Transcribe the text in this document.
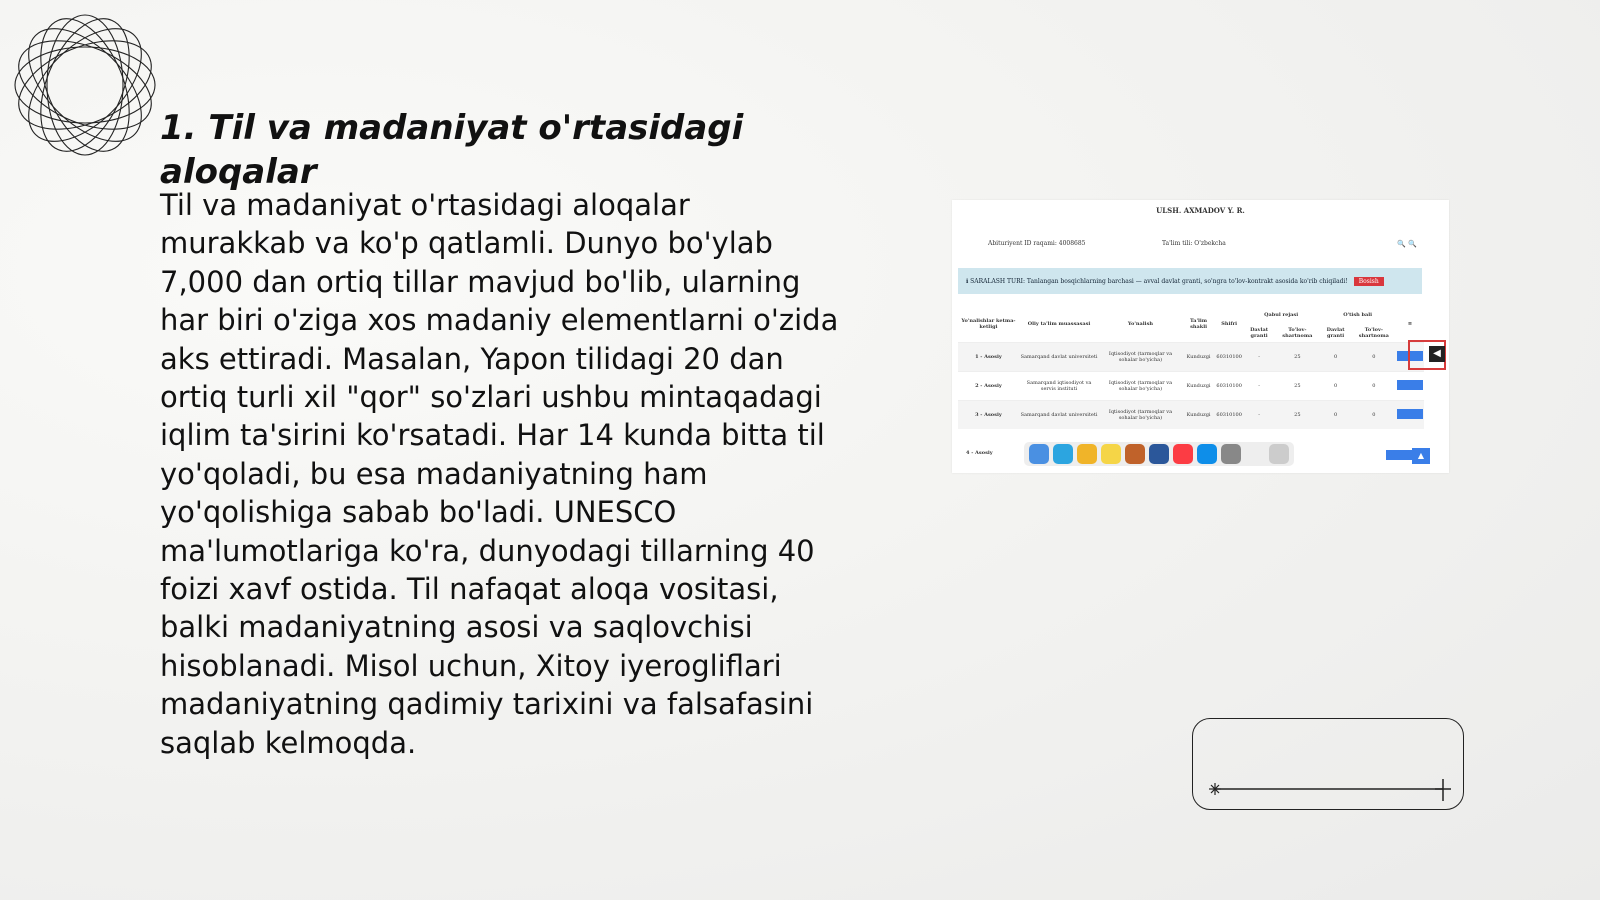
1. Til va madaniyat o'rtasidagi aloqalar

Til va madaniyat o'rtasidagi aloqalar murakkab va ko'p qatlamli. Dunyo bo'ylab 7,000 dan ortiq tillar mavjud bo'lib, ularning har biri o'ziga xos madaniy elementlarni o'zida aks ettiradi. Masalan, Yapon tilidagi 20 dan ortiq turli xil "qor" so'zlari ushbu mintaqadagi iqlim ta'sirini ko'rsatadi. Har 14 kunda bitta til yo'qoladi, bu esa madaniyatning ham yo'qolishiga sabab bo'ladi. UNESCO ma'lumotlariga ko'ra, dunyodagi tillarning 40 foizi xavf ostida. Til nafaqat aloqa vositasi, balki madaniyatning asosi va saqlovchisi hisoblanadi. Misol uchun, Xitoy iyerogliflari madaniyatning qadimiy tarixini va falsafasini saqlab kelmoqda.

ULSH. AXMADOV Y. R.
Abituriyent ID raqami: 4008685	Ta'lim tili: O'zbekcha	🔍 🔍
ℹ SARALASH TURI: Tanlangan bosqichlarning barchasi — avval davlat granti, so'ngra to'lov-kontrakt asosida ko'rib chiqiladi! Bosish
Yo'nalishlar ketma-ketligi	Oliy ta'lim muassasasi	Yo'nalish	Ta'lim shakli	Shifri	Qabul rejasi		O'tish bali		≡
					Davlat granti	To'lov-shartnoma	Davlat granti	To'lov-shartnoma	
1 - Asosiy	Samarqand davlat universiteti	Iqtisodiyot (tarmoqlar va sohalar bo'yicha)	Kunduzgi	60310100	-	25	0	0	
2 - Asosiy	Samarqand iqtisodiyot va servis instituti	Iqtisodiyot (tarmoqlar va sohalar bo'yicha)	Kunduzgi	60310100	-	25	0	0	
3 - Asosiy	Samarqand davlat universiteti	Iqtisodiyot (tarmoqlar va sohalar bo'yicha)	Kunduzgi	60310100	-	25	0	0	
◀
4 - Asosiy	▲
